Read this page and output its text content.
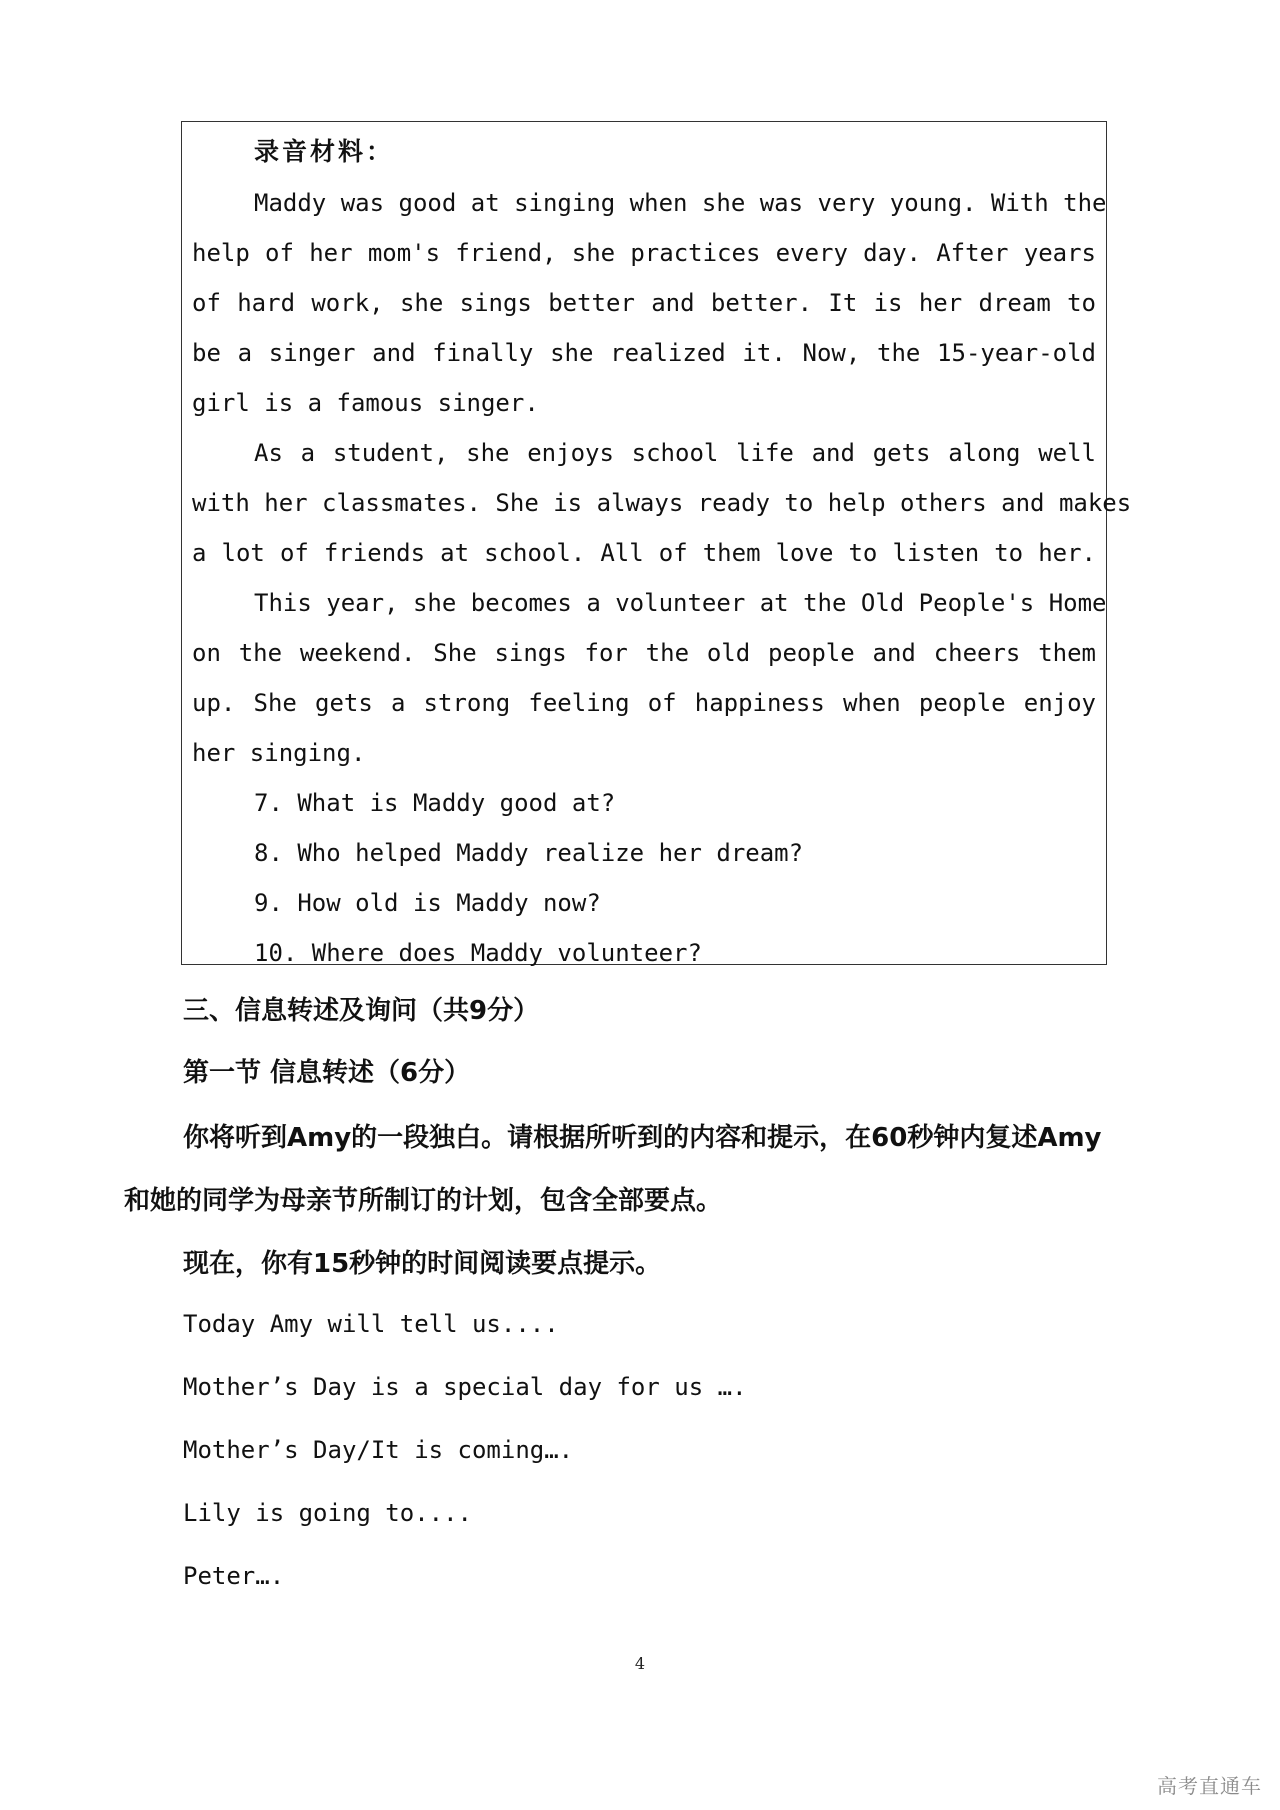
录音材料：
Maddy was good at singing when she was very young. With the
help of her mom's friend, she practices every day. After years
of hard work, she sings better and better. It is her dream to
be a singer and finally she realized it. Now, the 15-year-old
girl is a famous singer.
As a student, she enjoys school life and gets along well
with her classmates. She is always ready to help others and makes
a lot of friends at school. All of them love to listen to her.
This year, she becomes a volunteer at the Old People's Home
on the weekend. She sings for the old people and cheers them
up. She gets a strong feeling of happiness when people enjoy
her singing.
7. What is Maddy good at?
8. Who helped Maddy realize her dream?
9. How old is Maddy now?
10. Where does Maddy volunteer?
三、信息转述及询问（共9分）
第一节 信息转述（6分）
你将听到Amy的一段独白。请根据所听到的内容和提示，在60秒钟内复述Amy
和她的同学为母亲节所制订的计划，包含全部要点。
现在，你有15秒钟的时间阅读要点提示。
Today Amy will tell us....
Mother’s Day is a special day for us ….
Mother’s Day/It is coming….
Lily is going to....
Peter….
4
高考直通车
